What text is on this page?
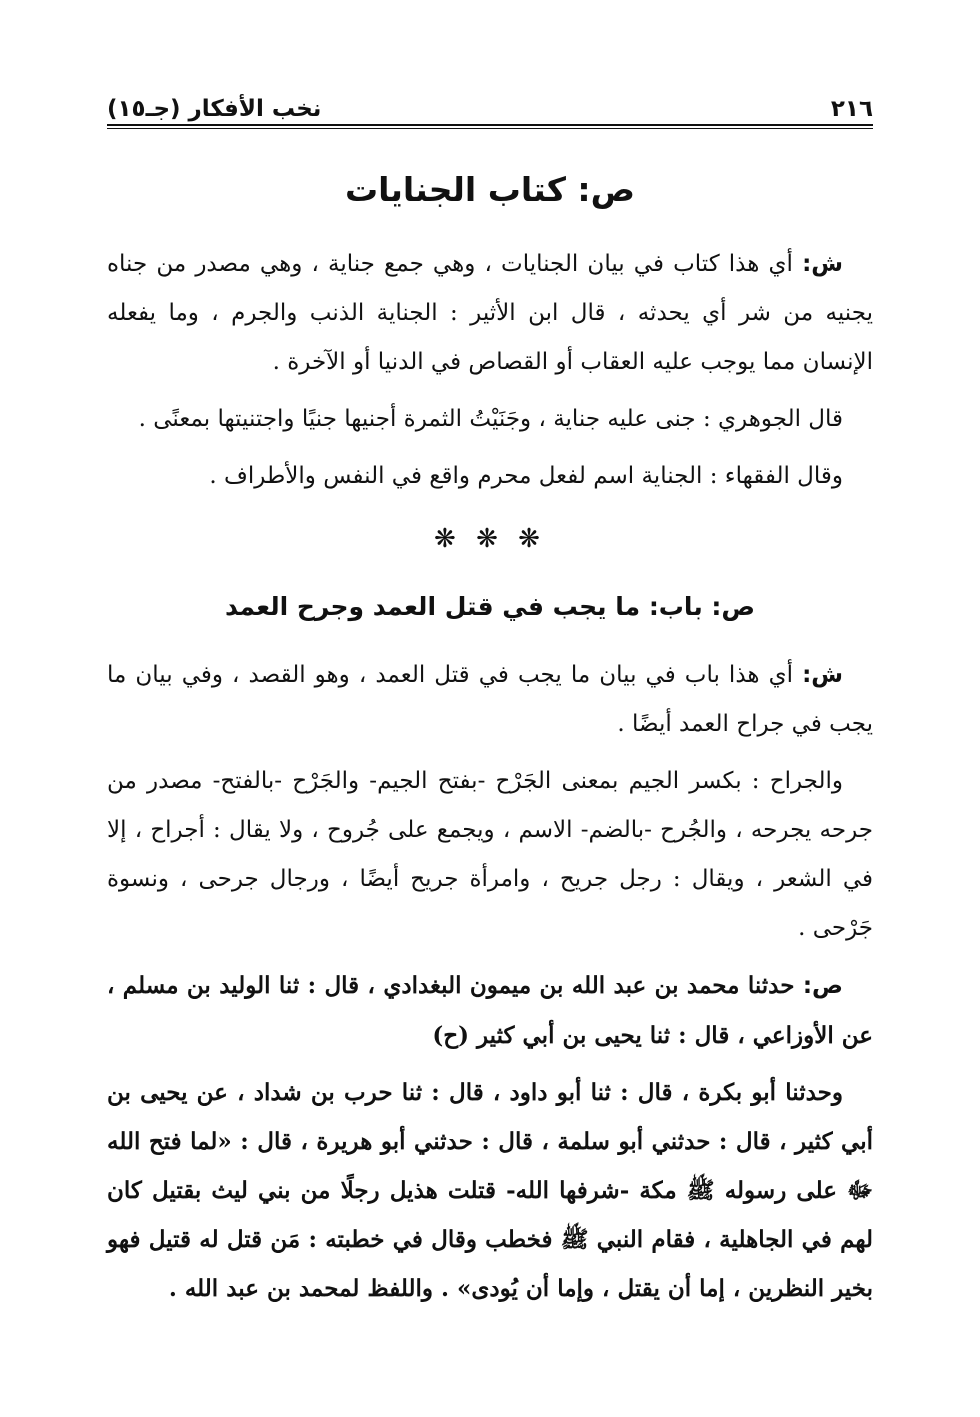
٢١٦
نخب الأفكار (جـ١٥)
ص: كتاب الجنايات

ش: أي هذا كتاب في بيان الجنايات ، وهي جمع جناية ، وهي مصدر من جناه يجنيه من شر أي يحدثه ، قال ابن الأثير : الجناية الذنب والجرم ، وما يفعله الإنسان مما يوجب عليه العقاب أو القصاص في الدنيا أو الآخرة .

قال الجوهري : جنى عليه جناية ، وجَنَيْتُ الثمرة أجنيها جنيًا واجتنيتها بمعنًى .

وقال الفقهاء : الجناية اسم لفعل محرم واقع في النفس والأطراف .

❋ ❋ ❋
ص: باب: ما يجب في قتل العمد وجرح العمد

ش: أي هذا باب في بيان ما يجب في قتل العمد ، وهو القصد ، وفي بيان ما يجب في جراح العمد أيضًا .

والجراح : بكسر الجيم بمعنى الجَرْح -بفتح الجيم- والجَرْح -بالفتح- مصدر من جرحه يجرحه ، والجُرح -بالضم- الاسم ، ويجمع على جُروح ، ولا يقال : أجراح ، إلا في الشعر ، ويقال : رجل جريح ، وامرأة جريح أيضًا ، ورجال جرحى ، ونسوة جَرْحى .

ص: حدثنا محمد بن عبد الله بن ميمون البغدادي ، قال : ثنا الوليد بن مسلم ، عن الأوزاعي ، قال : ثنا يحيى بن أبي كثير (ح)

وحدثنا أبو بكرة ، قال : ثنا أبو داود ، قال : ثنا حرب بن شداد ، عن يحيى بن أبي كثير ، قال : حدثني أبو سلمة ، قال : حدثني أبو هريرة ، قال : «لما فتح الله ﷻ على رسوله ﷺ مكة -شرفها الله- قتلت هذيل رجلًا من بني ليث بقتيل كان لهم في الجاهلية ، فقام النبي ﷺ فخطب وقال في خطبته : مَن قتل له قتيل فهو بخير النظرين ، إما أن يقتل ، وإما أن يُودى» . واللفظ لمحمد بن عبد الله .
